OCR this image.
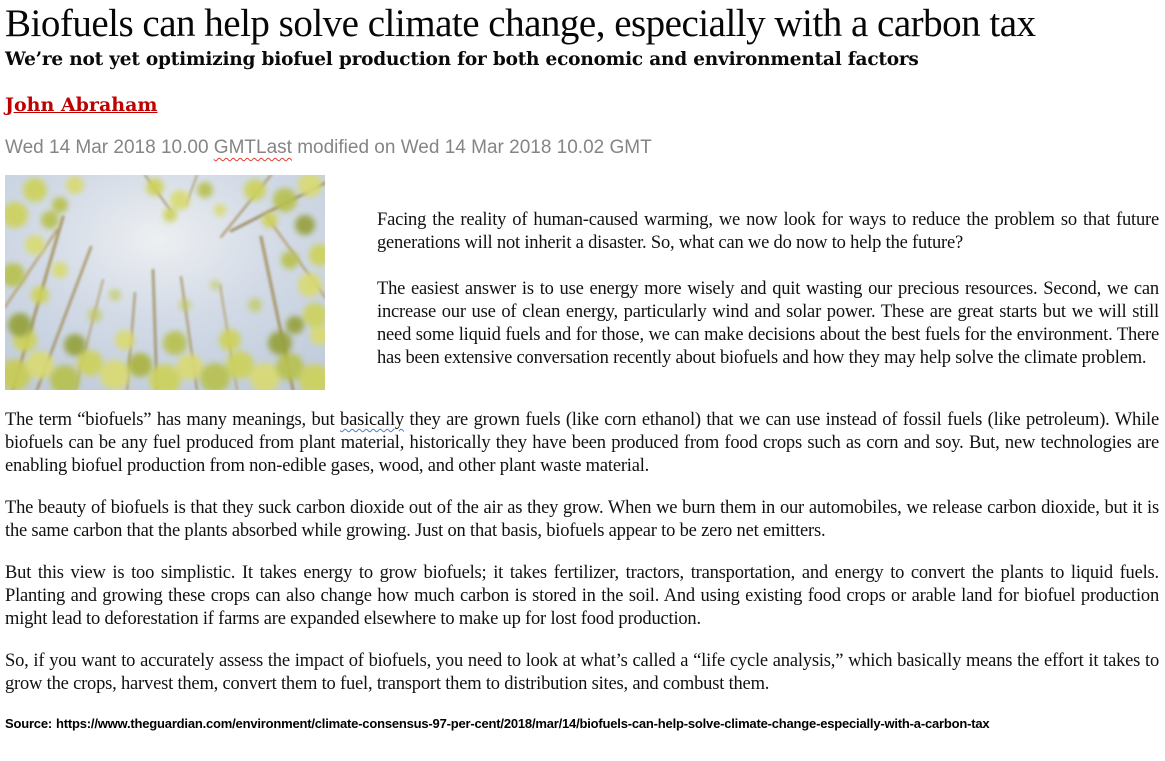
Biofuels can help solve climate change, especially with a carbon tax
We’re not yet optimizing biofuel production for both economic and environmental factors
John Abraham

Wed 14 Mar 2018 10.00 GMTLast modified on Wed 14 Mar 2018 10.02 GMT

Facing the reality of human-caused warming, we now look for ways to reduce the problem so that future generations will not inherit a disaster. So, what can we do now to help the future?

The easiest answer is to use energy more wisely and quit wasting our precious resources. Second, we can increase our use of clean energy, particularly wind and solar power. These are great starts but we will still need some liquid fuels and for those, we can make decisions about the best fuels for the environment. There has been extensive conversation recently about biofuels and how they may help solve the climate problem.

The term “biofuels” has many meanings, but basically they are grown fuels (like corn ethanol) that we can use instead of fossil fuels (like petroleum). While biofuels can be any fuel produced from plant material, historically they have been produced from food crops such as corn and soy. But, new technologies are enabling biofuel production from non-edible gases, wood, and other plant waste material.

The beauty of biofuels is that they suck carbon dioxide out of the air as they grow. When we burn them in our automobiles, we release carbon dioxide, but it is the same carbon that the plants absorbed while growing. Just on that basis, biofuels appear to be zero net emitters.

But this view is too simplistic. It takes energy to grow biofuels; it takes fertilizer, tractors, transportation, and energy to convert the plants to liquid fuels. Planting and growing these crops can also change how much carbon is stored in the soil. And using existing food crops or arable land for biofuel production might lead to deforestation if farms are expanded elsewhere to make up for lost food production.

So, if you want to accurately assess the impact of biofuels, you need to look at what’s called a “life cycle analysis,” which basically means the effort it takes to grow the crops, harvest them, convert them to fuel, transport them to distribution sites, and combust them.

Source: https://www.theguardian.com/environment/climate-consensus-97-per-cent/2018/mar/14/biofuels-can-help-solve-climate-change-especially-with-a-carbon-tax
